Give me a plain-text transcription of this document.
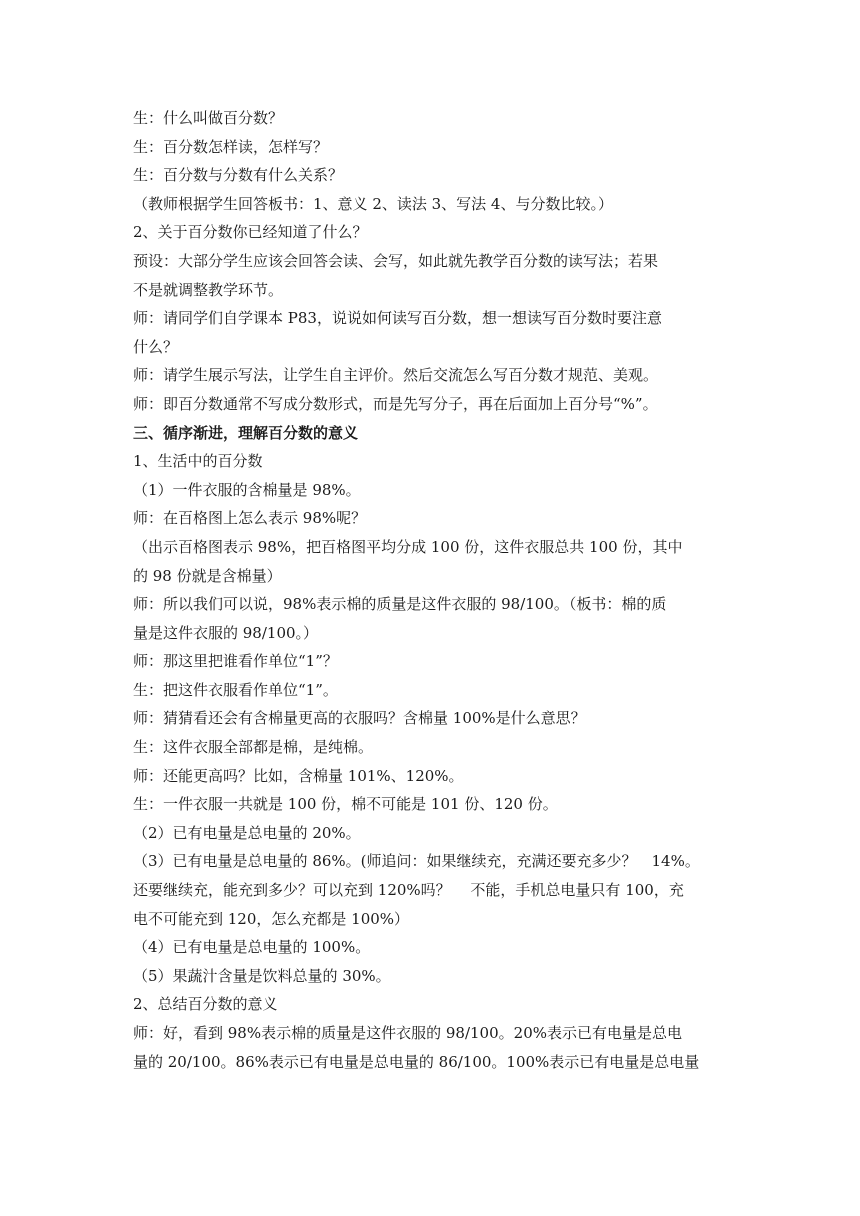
生：什么叫做百分数？
生：百分数怎样读，怎样写？
生：百分数与分数有什么关系？
（教师根据学生回答板书：1、意义 2、读法 3、写法 4、与分数比较。）
2、关于百分数你已经知道了什么？
预设：大部分学生应该会回答会读、会写，如此就先教学百分数的读写法；若果
不是就调整教学环节。
师：请同学们自学课本 P83，说说如何读写百分数，想一想读写百分数时要注意
什么？
师：请学生展示写法，让学生自主评价。然后交流怎么写百分数才规范、美观。
师：即百分数通常不写成分数形式，而是先写分子，再在后面加上百分号“%”。
三、循序渐进，理解百分数的意义
1、生活中的百分数
（1）一件衣服的含棉量是 98%。
师：在百格图上怎么表示 98%呢？
（出示百格图表示 98%，把百格图平均分成 100 份，这件衣服总共 100 份，其中
的 98 份就是含棉量）
师：所以我们可以说，98%表示棉的质量是这件衣服的 98/100。（板书：棉的质
量是这件衣服的 98/100。）
师：那这里把谁看作单位“1”？
生：把这件衣服看作单位“1”。
师：猜猜看还会有含棉量更高的衣服吗？含棉量 100%是什么意思？
生：这件衣服全部都是棉，是纯棉。
师：还能更高吗？比如，含棉量 101%、120%。
生：一件衣服一共就是 100 份，棉不可能是 101 份、120 份。
（2）已有电量是总电量的 20%。
（3）已有电量是总电量的 86%。(师追问：如果继续充，充满还要充多少？　14%。
还要继续充，能充到多少？可以充到 120%吗？　 不能，手机总电量只有 100，充
电不可能充到 120，怎么充都是 100%）
（4）已有电量是总电量的 100%。
（5）果蔬汁含量是饮料总量的 30%。
2、总结百分数的意义
师：好，看到 98%表示棉的质量是这件衣服的 98/100。20%表示已有电量是总电
量的 20/100。86%表示已有电量是总电量的 86/100。100%表示已有电量是总电量
